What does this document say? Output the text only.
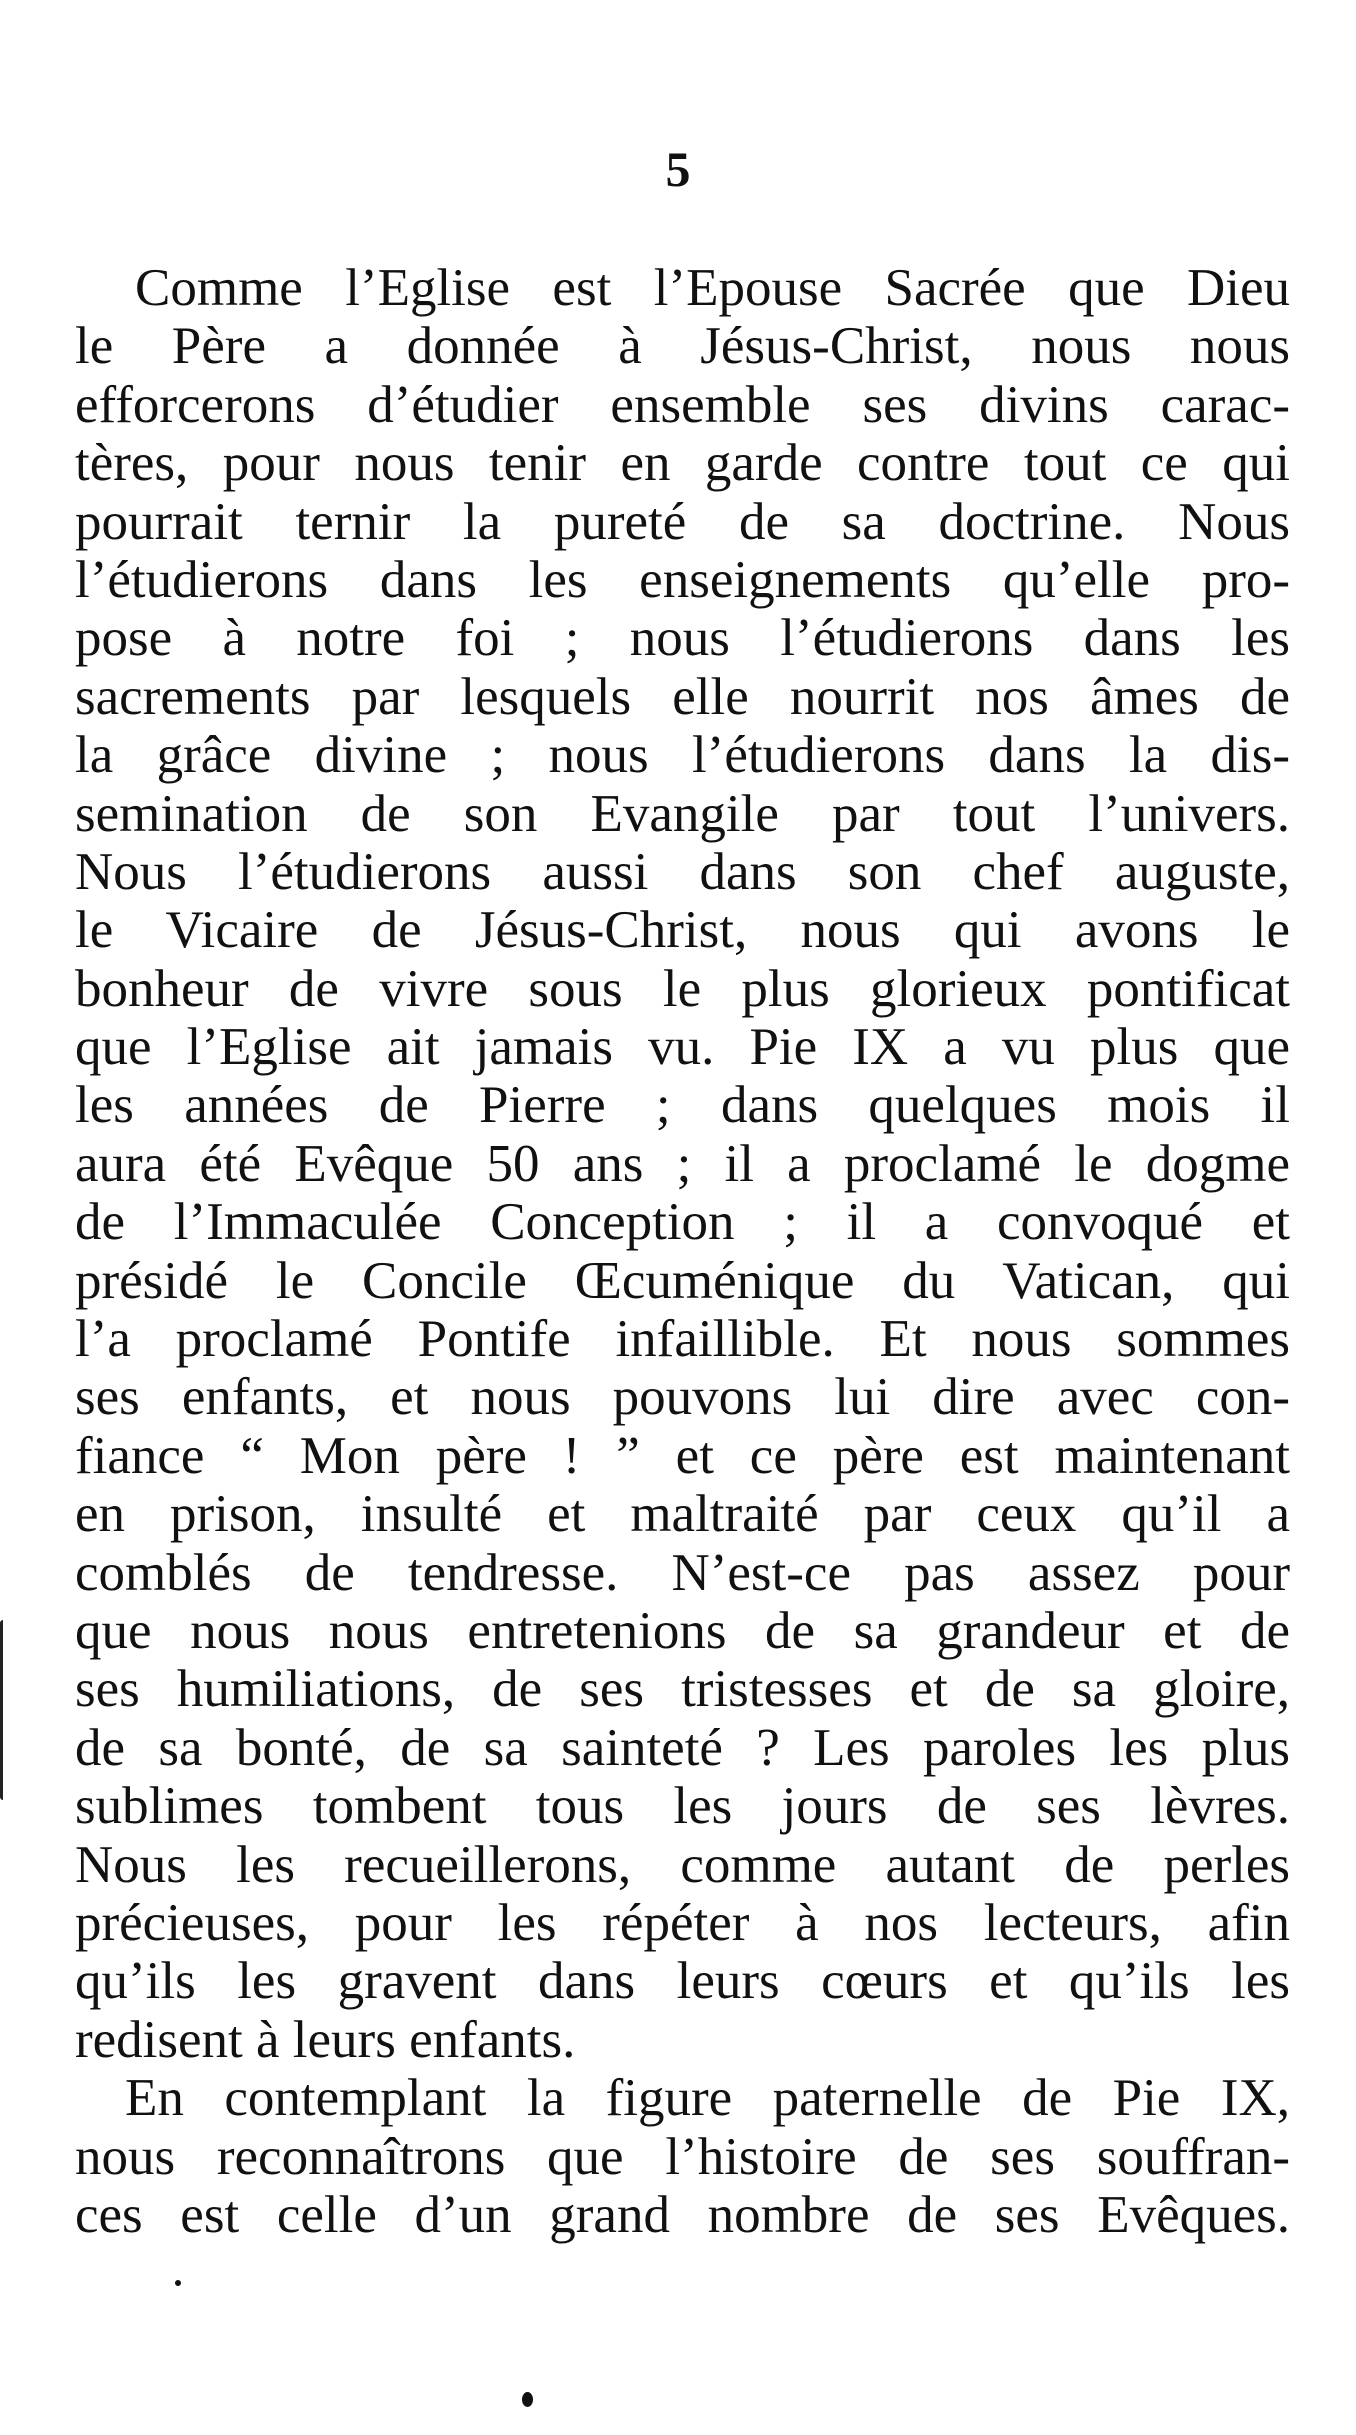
5
Comme l’Eglise est l’Epouse Sacrée que Dieu
le Père a donnée à Jésus-Christ, nous nous
efforcerons d’étudier ensemble ses divins carac-
tères, pour nous tenir en garde contre tout ce qui
pourrait ternir la pureté de sa doctrine. Nous
l’étudierons dans les enseignements qu’elle pro-
pose à notre foi ; nous l’étudierons dans les
sacrements par lesquels elle nourrit nos âmes de
la grâce divine ; nous l’étudierons dans la dis-
semination de son Evangile par tout l’univers.
Nous l’étudierons aussi dans son chef auguste,
le Vicaire de Jésus-Christ, nous qui avons le
bonheur de vivre sous le plus glorieux pontificat
que l’Eglise ait jamais vu. Pie IX a vu plus que
les années de Pierre ; dans quelques mois il
aura été Evêque 50 ans ; il a proclamé le dogme
de l’Immaculée Conception ; il a convoqué et
présidé le Concile Œcuménique du Vatican, qui
l’a proclamé Pontife infaillible. Et nous sommes
ses enfants, et nous pouvons lui dire avec con-
fiance “ Mon père ! ” et ce père est maintenant
en prison, insulté et maltraité par ceux qu’il a
comblés de tendresse. N’est-ce pas assez pour
que nous nous entretenions de sa grandeur et de
ses humiliations, de ses tristesses et de sa gloire,
de sa bonté, de sa sainteté ? Les paroles les plus
sublimes tombent tous les jours de ses lèvres.
Nous les recueillerons, comme autant de perles
précieuses, pour les répéter à nos lecteurs, afin
qu’ils les gravent dans leurs cœurs et qu’ils les
redisent à leurs enfants.
En contemplant la figure paternelle de Pie IX,
nous reconnaîtrons que l’histoire de ses souffran-
ces est celle d’un grand nombre de ses Evêques.
